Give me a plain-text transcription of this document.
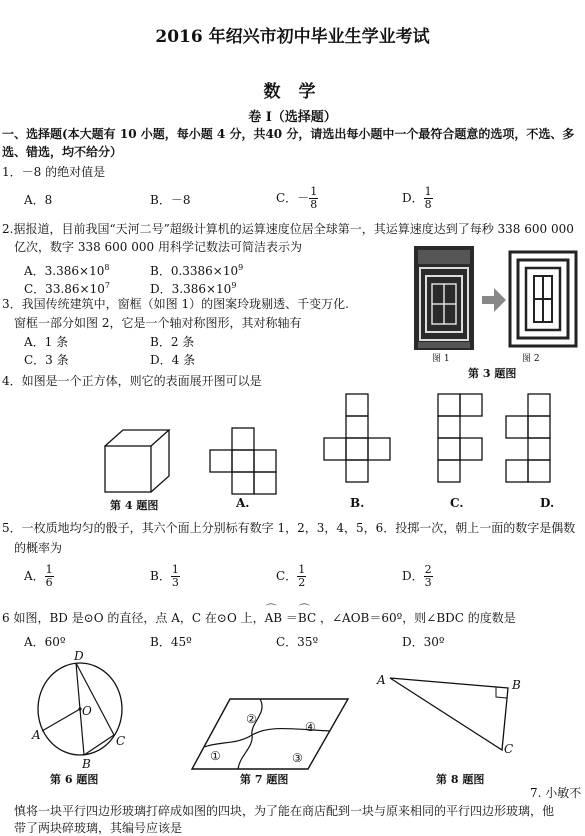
2016 年绍兴市初中毕业生学业考试
数 学
卷 I（选择题）
一、选择题(本大题有 10 小题，每小题 4 分，共40 分，请选出每小题中一个最符合题意的选项，不选、多
选、错选，均不给分）
1．－8 的绝对值是
A．8	B．－8	C．－ $\frac{1}{8}$	D． $\frac{1}{8}$
2.据报道，目前我国“天河二号”超级计算机的运算速度位居全球第一，其运算速度达到了每秒 338 600 000
亿次，数字 338 600 000 用科学记数法可简洁表示为
A．$3.386\times 10^8$	B．$0.3386\times 10^9$
C．$33.86\times 10^7$	D．$3.386\times 10^9$
3．我国传统建筑中，窗框（如图 1）的图案玲珑剔透、千变万化.
窗框一部分如图 2，它是一个轴对称图形，其对称轴有
A．1 条	B．2 条
C．3 条	D．4 条	图 1	图 2
第 3 题图
4．如图是一个正方体，则它的表面展开图可以是
第 4 题图	A.	B.	C.	D.
5．一枚质地均匀的骰子，其六个面上分别标有数字 1，2，3，4，5，6．投掷一次，朝上一面的数字是偶数
的概率为
A． $\frac{1}{6}$	B． $\frac{1}{3}$	C． $\frac{1}{2}$	D． $\frac{2}{3}$
6 如图，BD 是⊙O 的直径，点 A，C 在⊙O 上，⌒ AB ＝⌒ BC ，∠AOB＝60º，则∠BDC 的度数是
A．60º	B．45º	C．35º	D．30º
D
O
A	C
B
第 6 题图
②
④
①	③
第 7 题图
A	B
C
第 8 题图
7. 小敏不
慎将一块平行四边形玻璃打碎成如图的四块，为了能在商店配到一块与原来相同的平行四边形玻璃，他
带了两块碎玻璃，其编号应该是
